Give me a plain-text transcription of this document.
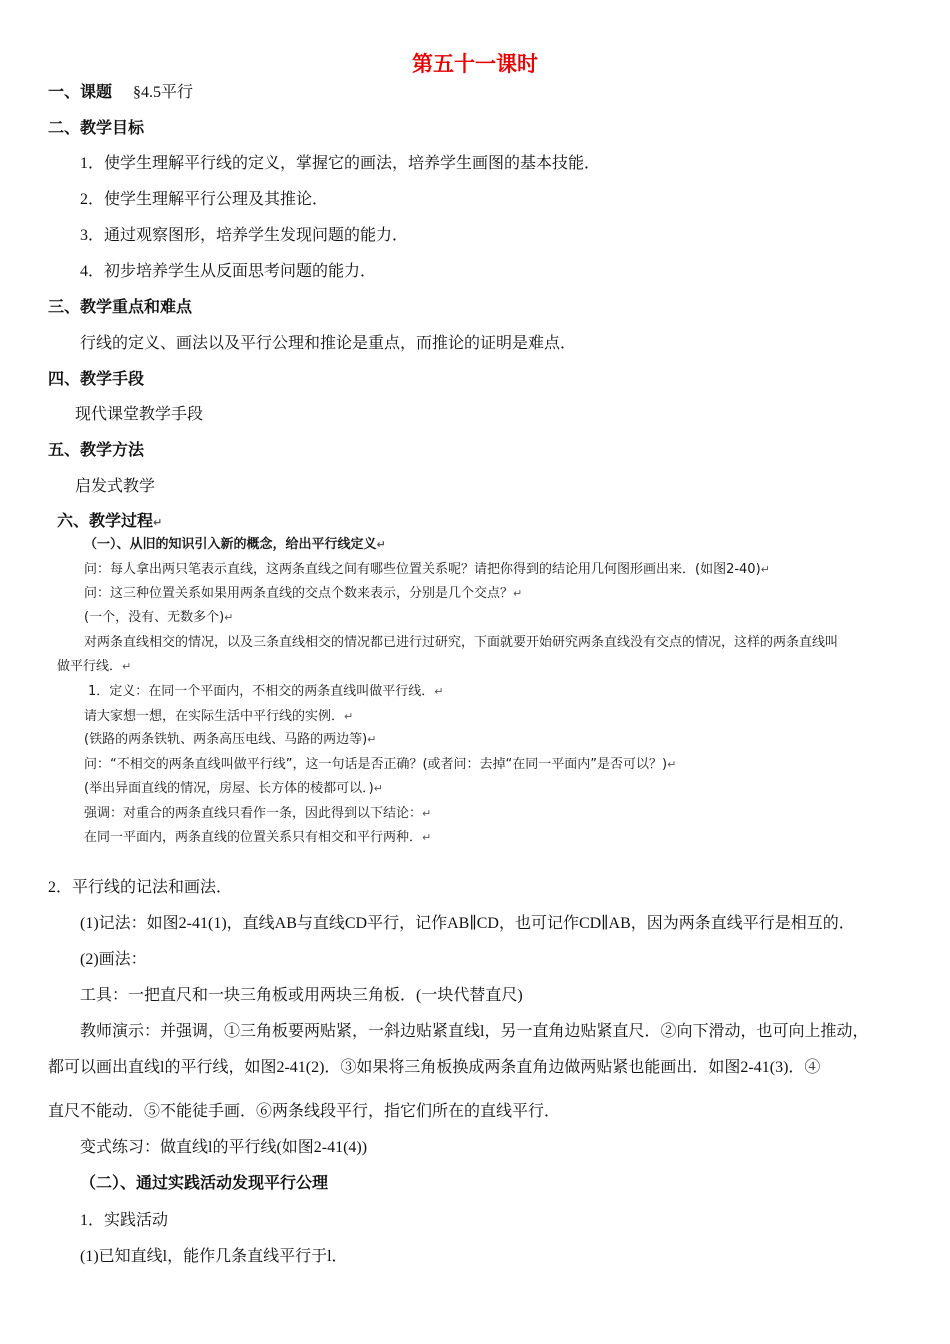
第五十一课时
一、课题 §4.5平行
二、教学目标
1．使学生理解平行线的定义，掌握它的画法，培养学生画图的基本技能．
2．使学生理解平行公理及其推论．
3．通过观察图形，培养学生发现问题的能力．
4．初步培养学生从反面思考问题的能力．
三、教学重点和难点
行线的定义、画法以及平行公理和推论是重点，而推论的证明是难点．
四、教学手段
现代课堂教学手段
五、教学方法
启发式教学
六、教学过程↵
（一）、从旧的知识引入新的概念，给出平行线定义↵
问：每人拿出两只笔表示直线，这两条直线之间有哪些位置关系呢？请把你得到的结论用几何图形画出来．(如图2-40)↵
问：这三种位置关系如果用两条直线的交点个数来表示，分别是几个交点？↵
(一个，没有、无数多个)↵
对两条直线相交的情况，以及三条直线相交的情况都已进行过研究，下面就要开始研究两条直线没有交点的情况，这样的两条直线叫
做平行线．↵
1．定义：在同一个平面内，不相交的两条直线叫做平行线．↵
请大家想一想，在实际生活中平行线的实例．↵
(铁路的两条铁轨、两条高压电线、马路的两边等)↵
问：“不相交的两条直线叫做平行线”，这一句话是否正确？(或者问：去掉“在同一平面内”是否可以？)↵
(举出异面直线的情况，房屋、长方体的棱都可以．)↵
强调：对重合的两条直线只看作一条，因此得到以下结论：↵
在同一平面内，两条直线的位置关系只有相交和平行两种．↵
2．平行线的记法和画法．
(1)记法：如图2-41(1)，直线AB与直线CD平行，记作AB∥CD，也可记作CD∥AB，因为两条直线平行是相互的．
(2)画法：
工具：一把直尺和一块三角板或用两块三角板．(一块代替直尺)
教师演示：并强调，①三角板要两贴紧，一斜边贴紧直线l，另一直角边贴紧直尺．②向下滑动，也可向上推动，
都可以画出直线l的平行线，如图2-41(2)．③如果将三角板换成两条直角边做两贴紧也能画出．如图2-41(3)．④
直尺不能动．⑤不能徒手画．⑥两条线段平行，指它们所在的直线平行．
变式练习：做直线l的平行线(如图2-41(4))
（二）、通过实践活动发现平行公理
1．实践活动
(1)已知直线l，能作几条直线平行于l．
